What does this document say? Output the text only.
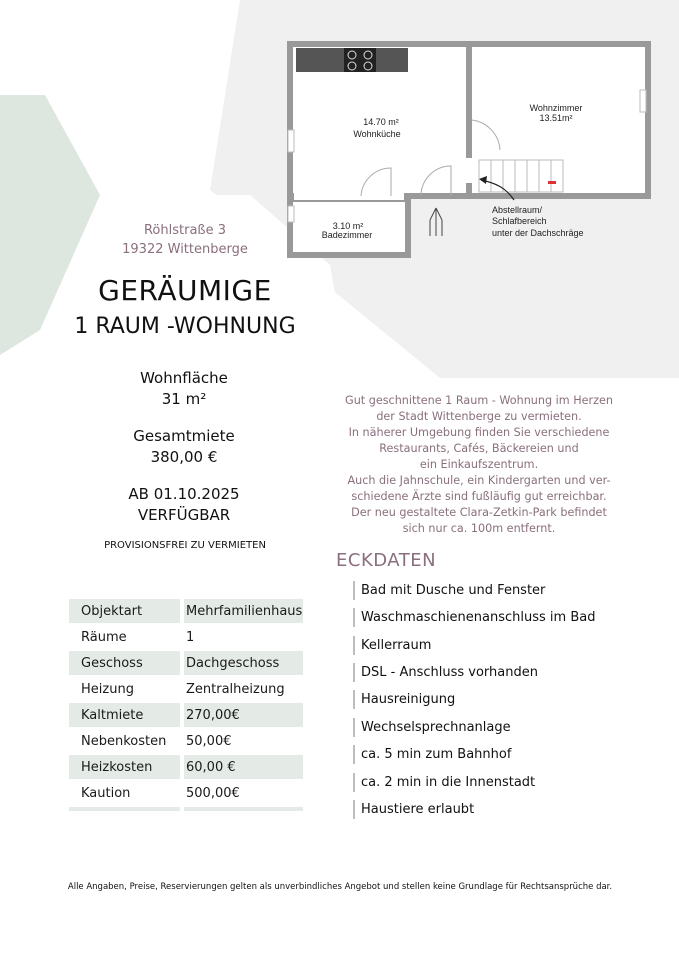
14.70 m²
Wohnküche
Wohnzimmer
13.51m²
3.10 m²
Badezimmer
Abstellraum/
Schlafbereich
unter der Dachschräge
Röhlstraße 3
19322 Wittenberge
GERÄUMIGE
1 RAUM -WOHNUNG
Wohnfläche
31 m²
Gesamtmiete
380,00 €
AB 01.10.2025
VERFÜGBAR
PROVISIONSFREI ZU VERMIETEN
Objektart	Mehrfamilienhaus
Räume	1
Geschoss	Dachgeschoss
Heizung	Zentralheizung
Kaltmiete	270,00€
Nebenkosten	50,00€
Heizkosten	60,00 €
Kaution	500,00€

Gut geschnittene 1 Raum - Wohnung im Herzen
der Stadt Wittenberge zu vermieten.
In näherer Umgebung finden Sie verschiedene
Restaurants, Cafés, Bäckereien und
ein Einkaufszentrum.
Auch die Jahnschule, ein Kindergarten und ver-
schiedene Ärzte sind fußläufig gut erreichbar.
Der neu gestaltete Clara-Zetkin-Park befindet
sich nur ca. 100m entfernt.
ECKDATEN
Bad mit Dusche und Fenster
Waschmaschienenanschluss im Bad
Kellerraum
DSL - Anschluss vorhanden
Hausreinigung
Wechselsprechnanlage
ca. 5 min zum Bahnhof
ca. 2 min in die Innenstadt
Haustiere erlaubt
Alle Angaben, Preise, Reservierungen gelten als unverbindliches Angebot und stellen keine Grundlage für Rechtsansprüche dar.
